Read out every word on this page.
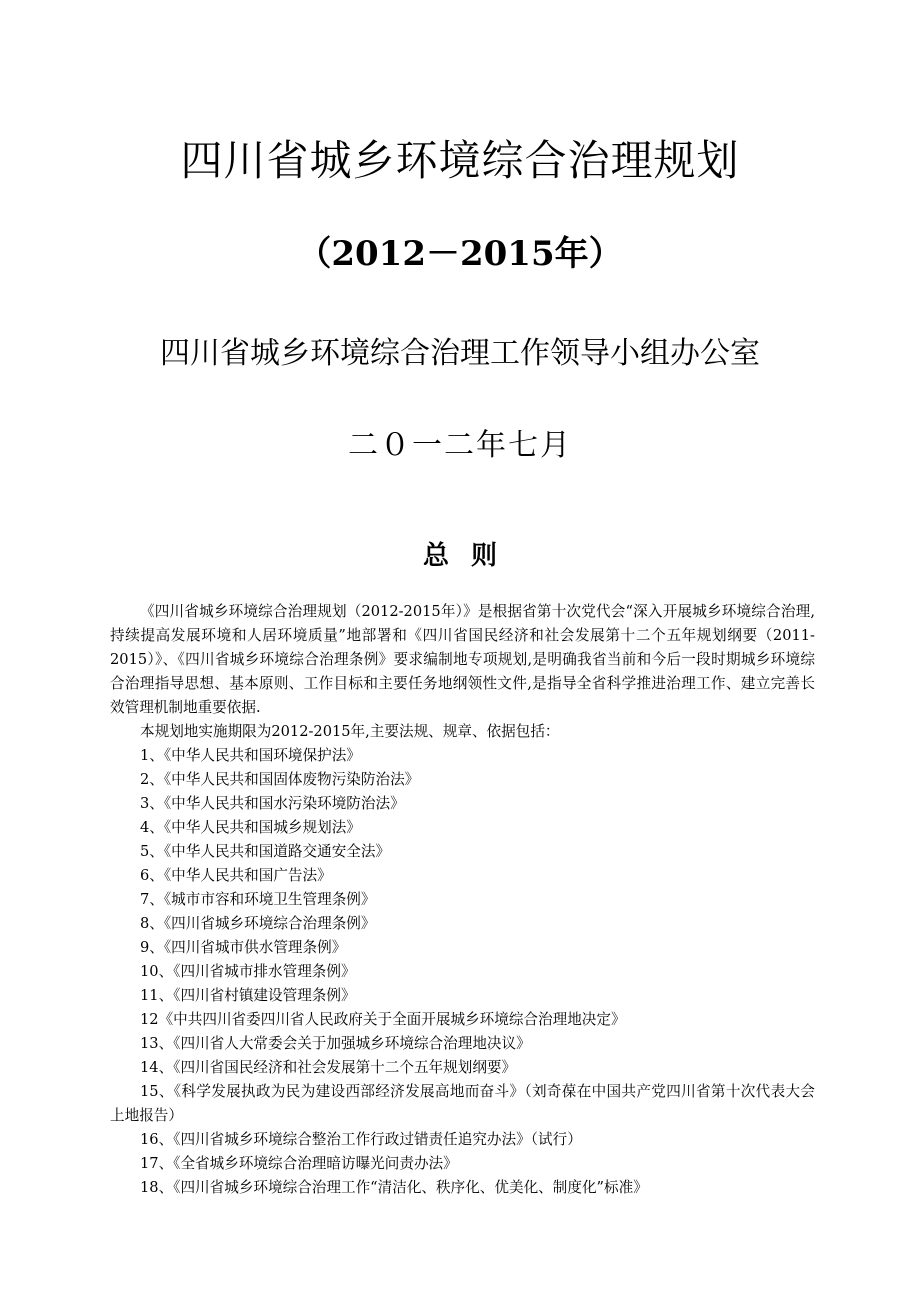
四川省城乡环境综合治理规划
（2012－2015年）
四川省城乡环境综合治理工作领导小组办公室
二０一二年七月
总则

《四川省城乡环境综合治理规划（2012-2015年）》是根据省第十次党代会“深入开展城乡环境综合治理,持续提高发展环境和人居环境质量”地部署和《四川省国民经济和社会发展第十二个五年规划纲要（2011-2015）》、《四川省城乡环境综合治理条例》要求编制地专项规划,是明确我省当前和今后一段时期城乡环境综合治理指导思想、基本原则、工作目标和主要任务地纲领性文件,是指导全省科学推进治理工作、建立完善长效管理机制地重要依据.

本规划地实施期限为2012-2015年,主要法规、规章、依据包括：

1、《中华人民共和国环境保护法》

2、《中华人民共和国固体废物污染防治法》

3、《中华人民共和国水污染环境防治法》

4、《中华人民共和国城乡规划法》

5、《中华人民共和国道路交通安全法》

6、《中华人民共和国广告法》

7、《城市市容和环境卫生管理条例》

8、《四川省城乡环境综合治理条例》

9、《四川省城市供水管理条例》

10、《四川省城市排水管理条例》

11、《四川省村镇建设管理条例》

12《中共四川省委四川省人民政府关于全面开展城乡环境综合治理地决定》

13、《四川省人大常委会关于加强城乡环境综合治理地决议》

14、《四川省国民经济和社会发展第十二个五年规划纲要》

15、《科学发展执政为民为建设西部经济发展高地而奋斗》（刘奇葆在中国共产党四川省第十次代表大会上地报告）

16、《四川省城乡环境综合整治工作行政过错责任追究办法》（试行）

17、《全省城乡环境综合治理暗访曝光问责办法》

18、《四川省城乡环境综合治理工作“清洁化、秩序化、优美化、制度化”标准》
